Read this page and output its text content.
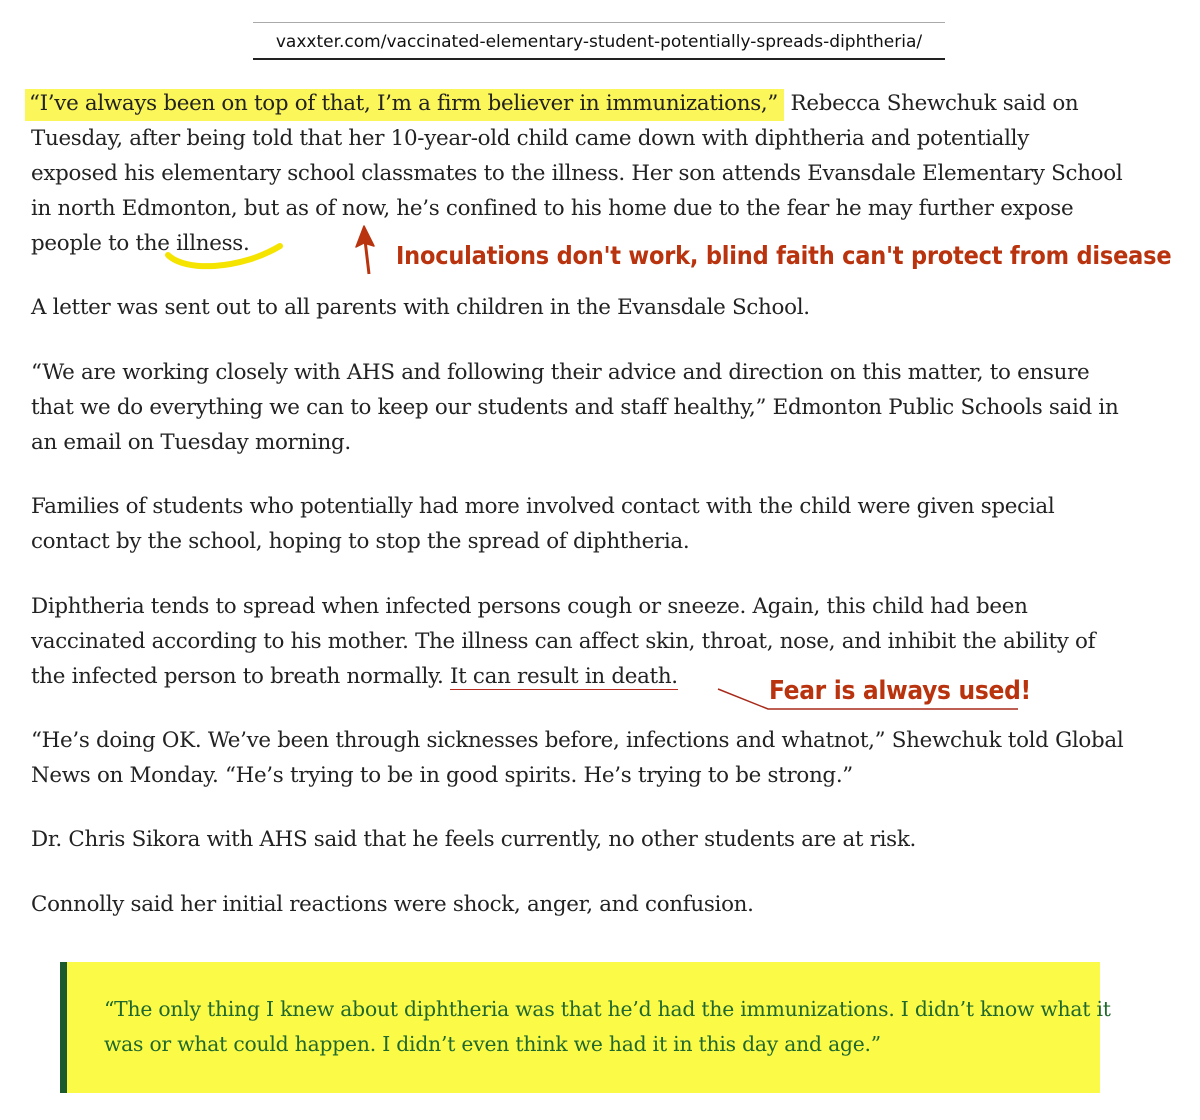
vaxxter.com/vaccinated-elementary-student-potentially-spreads-diphtheria/
“I’ve always been on top of that, I’m a firm believer in immunizations,” Rebecca Shewchuk said on
Tuesday, after being told that her 10-year-old child came down with diphtheria and potentially
exposed his elementary school classmates to the illness. Her son attends Evansdale Elementary School
in north Edmonton, but as of now, he’s confined to his home due to the fear he may further expose
people to the illness.
A letter was sent out to all parents with children in the Evansdale School.
“We are working closely with AHS and following their advice and direction on this matter, to ensure
that we do everything we can to keep our students and staff healthy,” Edmonton Public Schools said in
an email on Tuesday morning.
Families of students who potentially had more involved contact with the child were given special
contact by the school, hoping to stop the spread of diphtheria.
Diphtheria tends to spread when infected persons cough or sneeze. Again, this child had been
vaccinated according to his mother. The illness can affect skin, throat, nose, and inhibit the ability of
the infected person to breath normally. It can result in death.
“He’s doing OK. We’ve been through sicknesses before, infections and whatnot,” Shewchuk told Global
News on Monday. “He’s trying to be in good spirits. He’s trying to be strong.”
Dr. Chris Sikora with AHS said that he feels currently, no other students are at risk.
Connolly said her initial reactions were shock, anger, and confusion.
Inoculations don't work, blind faith can't protect from disease
Fear is always used!
“The only thing I knew about diphtheria was that he’d had the immunizations. I didn’t know what it
was or what could happen. I didn’t even think we had it in this day and age.”
